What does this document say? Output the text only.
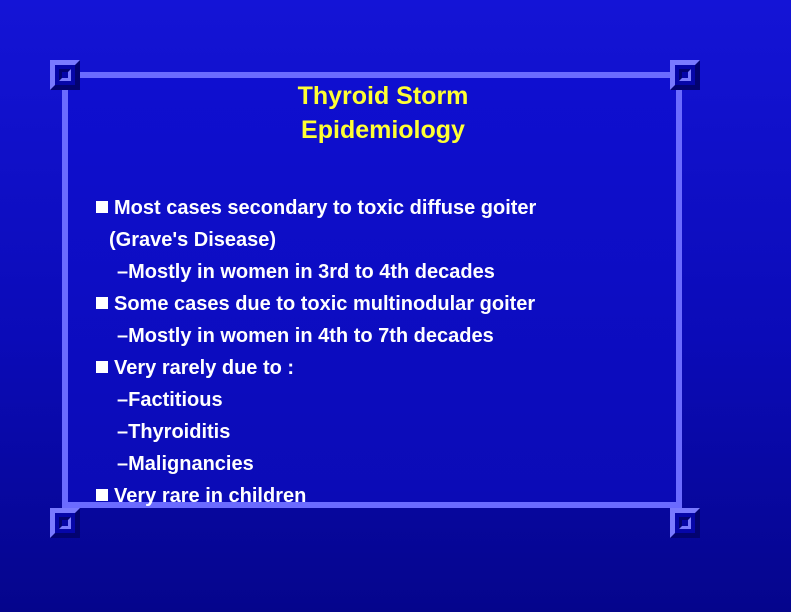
Thyroid Storm
Epidemiology
Most cases secondary to toxic diffuse goiter
(Grave's Disease)
–Mostly in women in 3rd to 4th decades
Some cases due to toxic multinodular goiter
–Mostly in women in 4th to 7th decades
Very rarely due to :
–Factitious
–Thyroiditis
–Malignancies
Very rare in children
